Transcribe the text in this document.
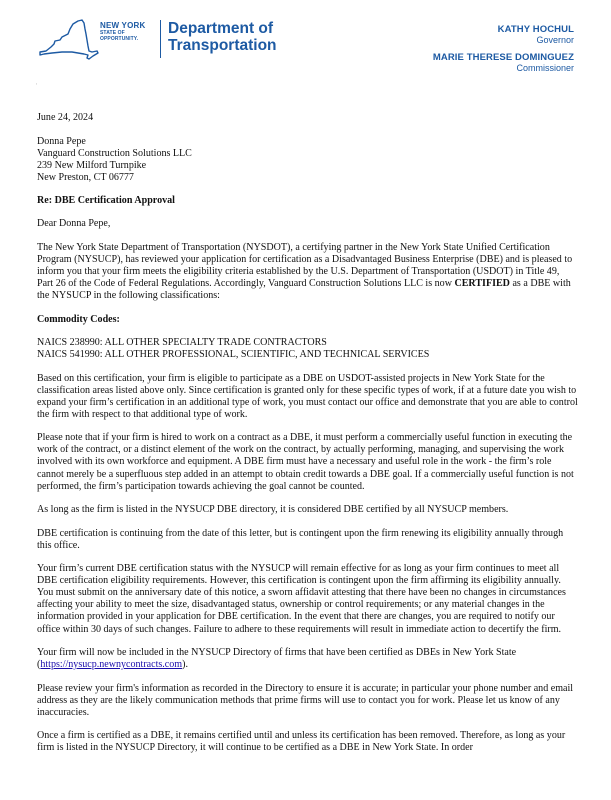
NEW YORK
STATE OF
OPPORTUNITY.
Department of
Transportation
KATHY HOCHUL
Governor
MARIE THERESE DOMINGUEZ
Commissioner
,

June 24, 2024

Donna Pepe
Vanguard Construction Solutions LLC
239 New Milford Turnpike
New Preston, CT 06777

Re: DBE Certification Approval

Dear Donna Pepe,

The New York State Department of Transportation (NYSDOT), a certifying partner in the New York State Unified Certification Program (NYSUCP), has reviewed your application for certification as a Disadvantaged Business Enterprise (DBE) and is pleased to inform you that your firm meets the eligibility criteria established by the U.S. Department of Transportation (USDOT) in Title 49, Part 26 of the Code of Federal Regulations. Accordingly, Vanguard Construction Solutions LLC is now CERTIFIED as a DBE with the NYSUCP in the following classifications:

Commodity Codes:

NAICS 238990: ALL OTHER SPECIALTY TRADE CONTRACTORS
NAICS 541990: ALL OTHER PROFESSIONAL, SCIENTIFIC, AND TECHNICAL SERVICES

Based on this certification, your firm is eligible to participate as a DBE on USDOT-assisted projects in New York State for the classification areas listed above only. Since certification is granted only for these specific types of work, if at a future date you wish to expand your firm’s certification in an additional type of work, you must contact our office and demonstrate that you are able to control the firm with respect to that additional type of work.

Please note that if your firm is hired to work on a contract as a DBE, it must perform a commercially useful function in executing the work of the contract, or a distinct element of the work on the contract, by actually performing, managing, and supervising the work involved with its own workforce and equipment. A DBE firm must have a necessary and useful role in the work - the firm’s role cannot merely be a superfluous step added in an attempt to obtain credit towards a DBE goal. If a commercially useful function is not performed, the firm’s participation towards achieving the goal cannot be counted.

As long as the firm is listed in the NYSUCP DBE directory, it is considered DBE certified by all NYSUCP members.

DBE certification is continuing from the date of this letter, but is contingent upon the firm renewing its eligibility annually through this office.

Your firm’s current DBE certification status with the NYSUCP will remain effective for as long as your firm continues to meet all DBE certification eligibility requirements. However, this certification is contingent upon the firm affirming its eligibility annually. You must submit on the anniversary date of this notice, a sworn affidavit attesting that there have been no changes in circumstances affecting your ability to meet the size, disadvantaged status, ownership or control requirements; or any material changes in the information provided in your application for DBE certification. In the event that there are changes, you are required to notify our office within 30 days of such changes. Failure to adhere to these requirements will result in immediate action to decertify the firm.

Your firm will now be included in the NYSUCP Directory of firms that have been certified as DBEs in New York State (https://nysucp.newnycontracts.com).

Please review your firm's information as recorded in the Directory to ensure it is accurate; in particular your phone number and email address as they are the likely communication methods that prime firms will use to contact you for work. Please let us know of any inaccuracies.

Once a firm is certified as a DBE, it remains certified until and unless its certification has been removed. Therefore, as long as your firm is listed in the NYSUCP Directory, it will continue to be certified as a DBE in New York State. In order
